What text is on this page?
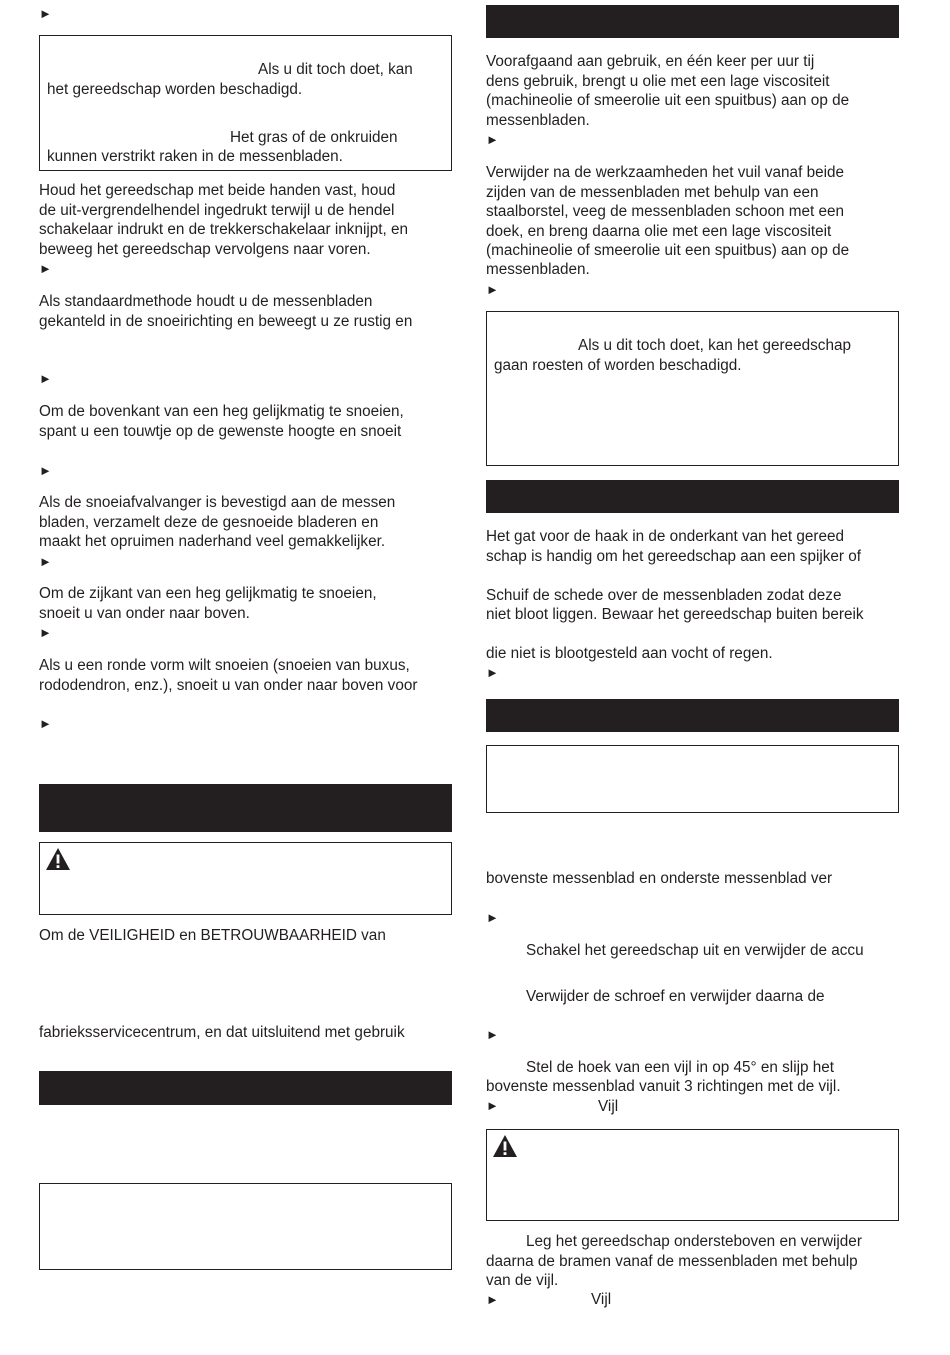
►

Als u dit toch doet, kan

het gereedschap worden beschadigd.

Het gras of de onkruiden

kunnen verstrikt raken in de messenbladen.

Houd het gereedschap met beide handen vast, houd

de uit-vergrendelhendel ingedrukt terwijl u de hendel

schakelaar indrukt en de trekkerschakelaar inknijpt, en

beweeg het gereedschap vervolgens naar voren.

►

Als standaardmethode houdt u de messenbladen

gekanteld in de snoeirichting en beweegt u ze rustig en

►

Om de bovenkant van een heg gelijkmatig te snoeien,

spant u een touwtje op de gewenste hoogte en snoeit

►

Als de snoeiafvalvanger is bevestigd aan de messen

bladen, verzamelt deze de gesnoeide bladeren en

maakt het opruimen naderhand veel gemakkelijker.

►

Om de zijkant van een heg gelijkmatig te snoeien,

snoeit u van onder naar boven.

►

Als u een ronde vorm wilt snoeien (snoeien van buxus,

rododendron, enz.), snoeit u van onder naar boven voor

►

Om de VEILIGHEID en BETROUWBAARHEID van

fabrieksservicecentrum, en dat uitsluitend met gebruik

Voorafgaand aan gebruik, en één keer per uur tij

dens gebruik, brengt u olie met een lage viscositeit

(machineolie of smeerolie uit een spuitbus) aan op de

messenbladen.

►

Verwijder na de werkzaamheden het vuil vanaf beide

zijden van de messenbladen met behulp van een

staalborstel, veeg de messenbladen schoon met een

doek, en breng daarna olie met een lage viscositeit

(machineolie of smeerolie uit een spuitbus) aan op de

messenbladen.

►

Als u dit toch doet, kan het gereedschap

gaan roesten of worden beschadigd.

Het gat voor de haak in de onderkant van het gereed

schap is handig om het gereedschap aan een spijker of

Schuif de schede over de messenbladen zodat deze

niet bloot liggen. Bewaar het gereedschap buiten bereik

die niet is blootgesteld aan vocht of regen.

►

bovenste messenblad en onderste messenblad ver

►

Schakel het gereedschap uit en verwijder de accu

Verwijder de schroef en verwijder daarna de

►

Stel de hoek van een vijl in op 45° en slijp het

bovenste messenblad vanuit 3 richtingen met de vijl.

►	Vijl

Leg het gereedschap ondersteboven en verwijder

daarna de bramen vanaf de messenbladen met behulp

van de vijl.

►	Vijl
